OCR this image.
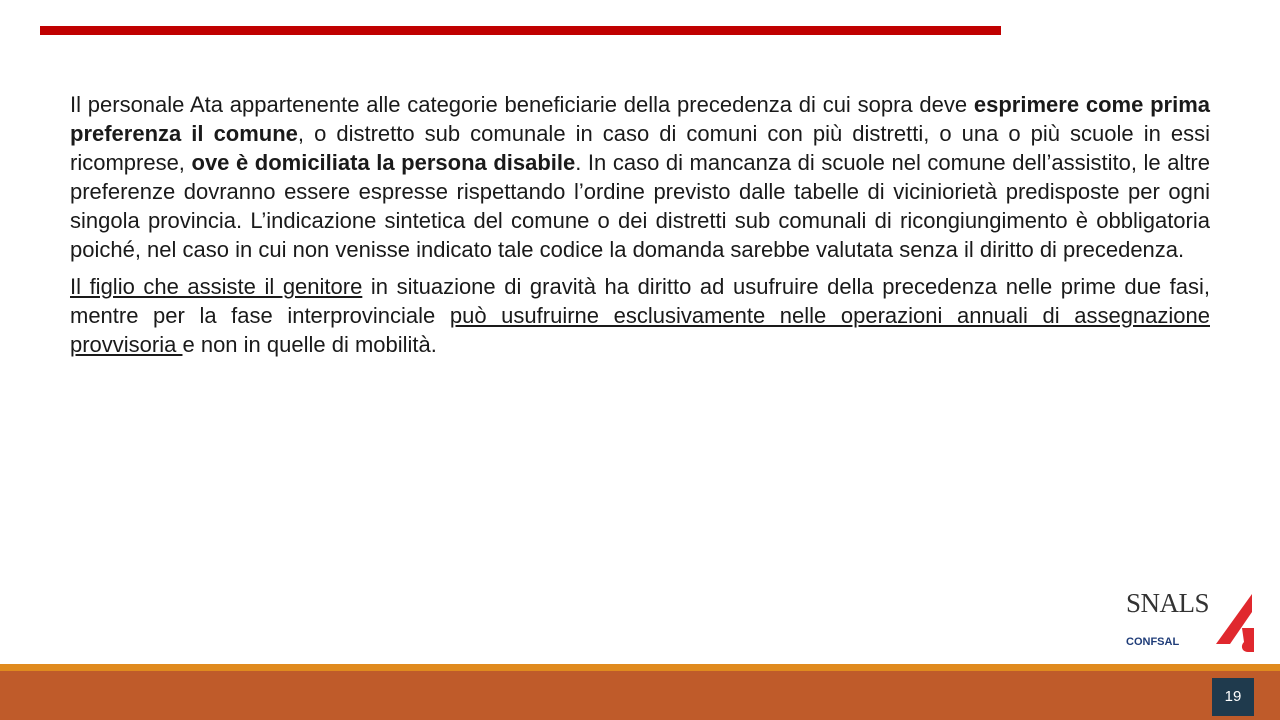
Il personale Ata appartenente alle categorie beneficiarie della precedenza di cui sopra deve esprimere come prima preferenza il comune, o distretto sub comunale in caso di comuni con più distretti, o una o più scuole in essi ricomprese, ove è domiciliata la persona disabile. In caso di mancanza di scuole nel comune dell’assistito, le altre preferenze dovranno essere espresse rispettando l’ordine previsto dalle tabelle di viciniorietà predisposte per ogni singola provincia. L’indicazione sintetica del comune o dei distretti sub comunali di ricongiungimento è obbligatoria poiché, nel caso in cui non venisse indicato tale codice la domanda sarebbe valutata senza il diritto di precedenza.

Il figlio che assiste il genitore in situazione di gravità ha diritto ad usufruire della precedenza nelle prime due fasi, mentre per la fase interprovinciale può usufruirne esclusivamente nelle operazioni annuali di assegnazione provvisoria e non in quelle di mobilità.

SNALS
CONFSAL
19
